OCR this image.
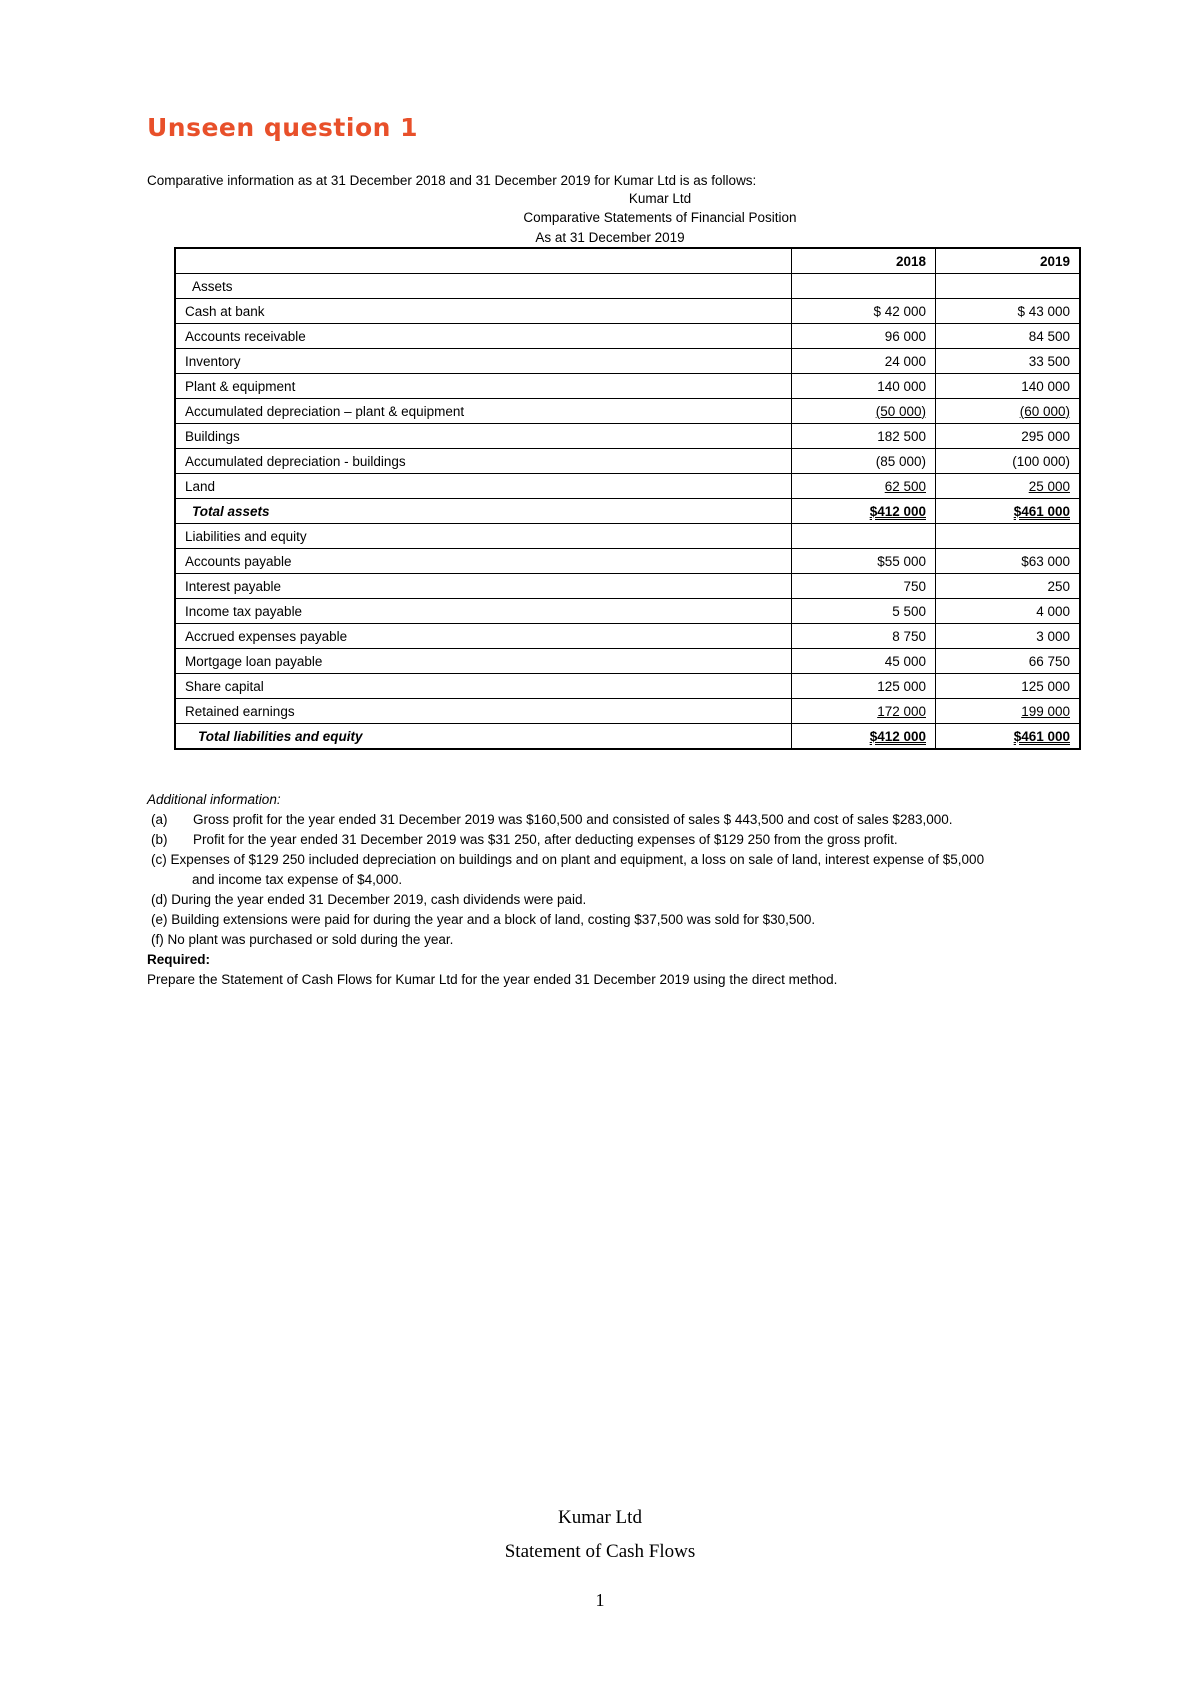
Unseen question 1
Comparative information as at 31 December 2018 and 31 December 2019 for Kumar Ltd is as follows:
Kumar Ltd
Comparative Statements of Financial Position
As at 31 December 2019
	2018	2019
Assets		
Cash at bank	$ 42 000	$ 43 000
Accounts receivable	96 000	84 500
Inventory	24 000	33 500
Plant & equipment	140 000	140 000
Accumulated depreciation – plant & equipment	(50 000)	(60 000)
Buildings	182 500	295 000
Accumulated depreciation - buildings	(85 000)	(100 000)
Land	62 500	25 000
Total assets	$412 000	$461 000
Liabilities and equity		
Accounts payable	$55 000	$63 000
Interest payable	750	250
Income tax payable	5 500	4 000
Accrued expenses payable	8 750	3 000
Mortgage loan payable	45 000	66 750
Share capital	125 000	125 000
Retained earnings	172 000	199 000
Total liabilities and equity	$412 000	$461 000
Additional information:
(a)	Gross profit for the year ended 31 December 2019 was $160,500 and consisted of sales $ 443,500 and cost of sales $283,000.
(b)	Profit for the year ended 31 December 2019 was $31 250, after deducting expenses of $129 250 from the gross profit.
(c) Expenses of $129 250 included depreciation on buildings and on plant and equipment, a loss on sale of land, interest expense of $5,000
and income tax expense of $4,000.
(d) During the year ended 31 December 2019, cash dividends were paid.
(e) Building extensions were paid for during the year and a block of land, costing $37,500 was sold for $30,500.
(f) No plant was purchased or sold during the year.
Required:
Prepare the Statement of Cash Flows for Kumar Ltd for the year ended 31 December 2019 using the direct method.
Kumar Ltd
Statement of Cash Flows
1
